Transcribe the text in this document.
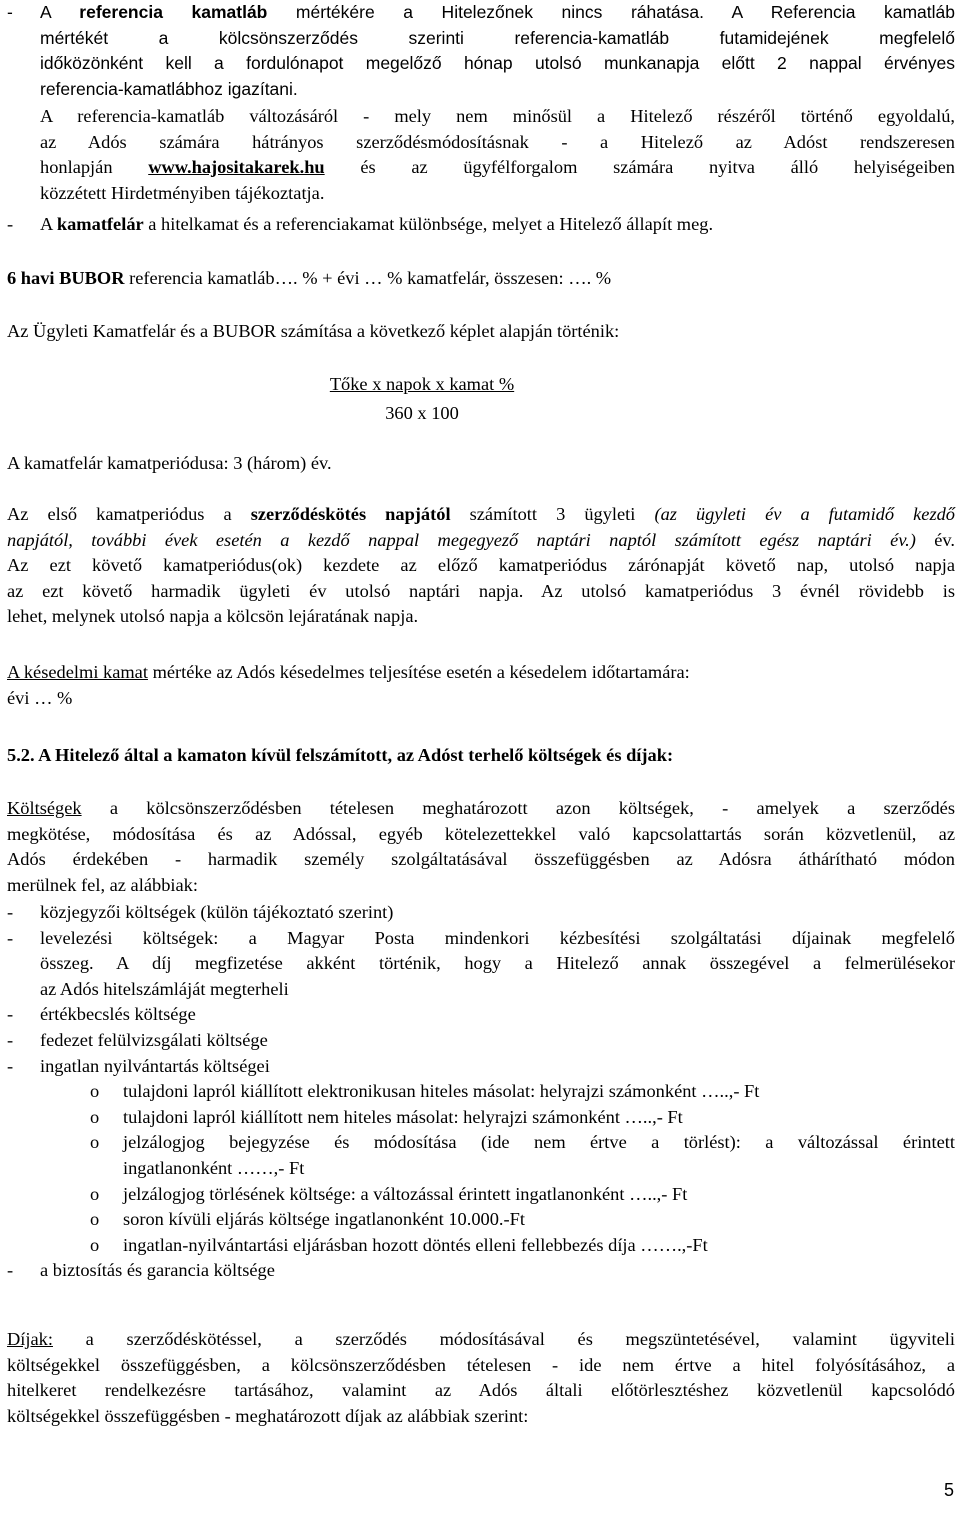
-	A referencia kamatláb mértékére a Hitelezőnek nincs ráhatása. A Referencia kamatláb
mértékét a kölcsönszerződés szerinti referencia-kamatláb futamidejének megfelelő
időközönként kell a fordulónapot megelőző hónap utolsó munkanapja előtt 2 nappal érvényes
referencia-kamatlábhoz igazítani.
A referencia-kamatláb változásáról - mely nem minősül a Hitelező részéről történő egyoldalú,
az Adós számára hátrányos szerződésmódosításnak - a Hitelező az Adóst rendszeresen
honlapján www.hajositakarek.hu és az ügyfélforgalom számára nyitva álló helyiségeiben
közzétett Hirdetményiben tájékoztatja.
-	A kamatfelár a hitelkamat és a referenciakamat különbsége, melyet a Hitelező állapít meg.
6 havi BUBOR referencia kamatláb…. % + évi … % kamatfelár, összesen: …. %
Az Ügyleti Kamatfelár és a BUBOR számítása a következő képlet alapján történik:
Tőke x napok x kamat %
360 x 100
A kamatfelár kamatperiódusa: 3 (három) év.
Az első kamatperiódus a szerződéskötés napjától számított 3 ügyleti (az ügyleti év a futamidő kezdő
napjától, további évek esetén a kezdő nappal megegyező naptári naptól számított egész naptári év.) év.
Az ezt követő kamatperiódus(ok) kezdete az előző kamatperiódus zárónapját követő nap, utolsó napja
az ezt követő harmadik ügyleti év utolsó naptári napja. Az utolsó kamatperiódus 3 évnél rövidebb is
lehet, melynek utolsó napja a kölcsön lejáratának napja.
A késedelmi kamat mértéke az Adós késedelmes teljesítése esetén a késedelem időtartamára:
évi … %
5.2. A Hitelező által a kamaton kívül felszámított, az Adóst terhelő költségek és díjak:
Költségek a kölcsönszerződésben tételesen meghatározott azon költségek, - amelyek a szerződés
megkötése, módosítása és az Adóssal, egyéb kötelezettekkel való kapcsolattartás során közvetlenül, az
Adós érdekében - harmadik személy szolgáltatásával összefüggésben az Adósra áthárítható módon
merülnek fel, az alábbiak:
-	közjegyzői költségek (külön tájékoztató szerint)
-	levelezési költségek: a Magyar Posta mindenkori kézbesítési szolgáltatási díjainak megfelelő
összeg. A díj megfizetése akként történik, hogy a Hitelező annak összegével a felmerülésekor
az Adós hitelszámláját megterheli
-	értékbecslés költsége
-	fedezet felülvizsgálati költsége
-	ingatlan nyilvántartás költségei
o	tulajdoni lapról kiállított elektronikusan hiteles másolat: helyrajzi számonként …..,- Ft
o	tulajdoni lapról kiállított nem hiteles másolat: helyrajzi számonként …..,- Ft
o	jelzálogjog bejegyzése és módosítása (ide nem értve a törlést): a változással érintett
ingatlanonként ……,- Ft
o	jelzálogjog törlésének költsége: a változással érintett ingatlanonként …..,- Ft
o	soron kívüli eljárás költsége ingatlanonként 10.000.-Ft
o	ingatlan-nyilvántartási eljárásban hozott döntés elleni fellebbezés díja …….,-Ft
-	a biztosítás és garancia költsége
Díjak: a szerződéskötéssel, a szerződés módosításával és megszüntetésével, valamint ügyviteli
költségekkel összefüggésben, a kölcsönszerződésben tételesen - ide nem értve a hitel folyósításához, a
hitelkeret rendelkezésre tartásához, valamint az Adós általi előtörlesztéshez közvetlenül kapcsolódó
költségekkel összefüggésben - meghatározott díjak az alábbiak szerint:
5
